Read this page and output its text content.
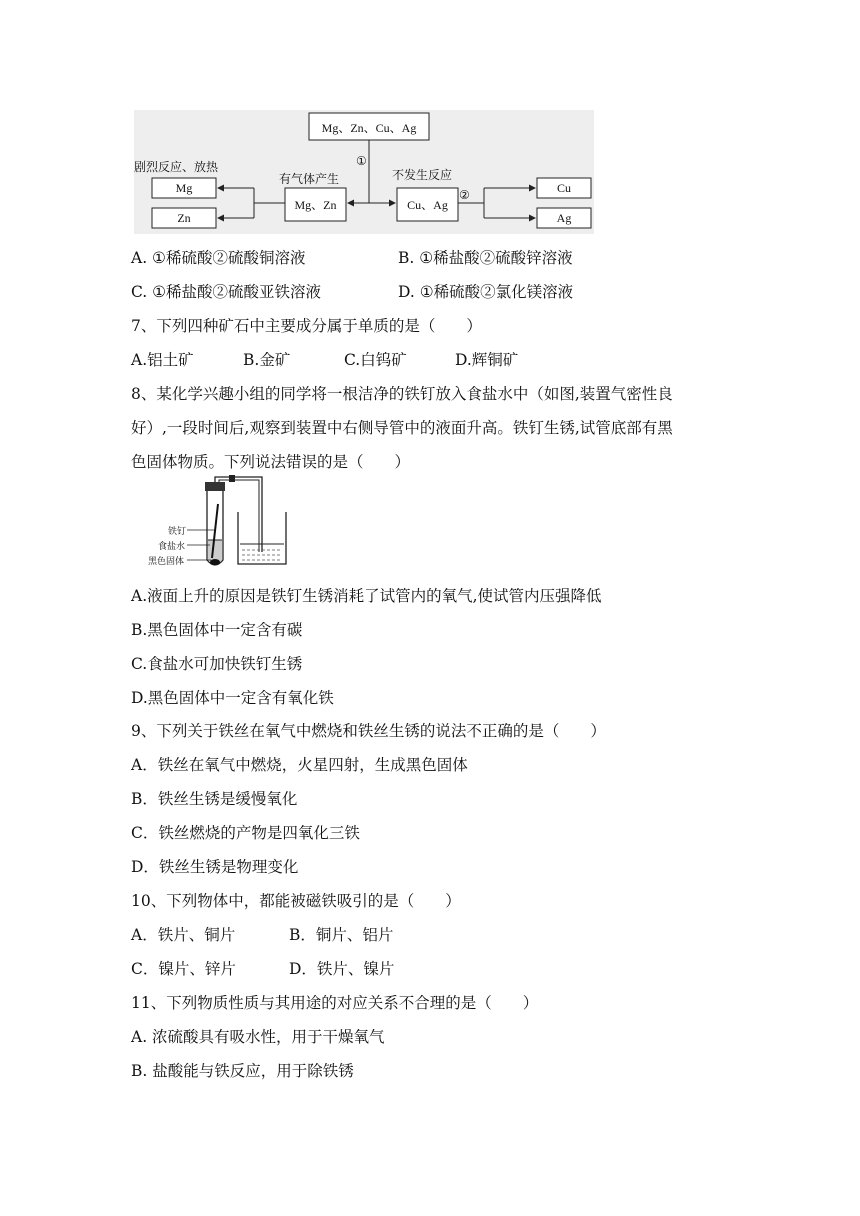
Mg、Zn、Cu、Ag
Mg、Zn	Cu、Ag
Mg
Zn
Cu
Ag
①
②
剧烈反应、放热
有气体产生	不发生反应
A. ①稀硫酸②硫酸铜溶液	B. ①稀盐酸②硫酸锌溶液
C. ①稀盐酸②硫酸亚铁溶液	D. ①稀硫酸②氯化镁溶液
7、下列四种矿石中主要成分属于单质的是（　　）
A.铝土矿	B.金矿	C.白钨矿	D.辉铜矿
8、某化学兴趣小组的同学将一根洁净的铁钉放入食盐水中（如图,装置气密性良
好）,一段时间后,观察到装置中右侧导管中的液面升高。铁钉生锈,试管底部有黑
色固体物质。下列说法错误的是（　　）
铁钉
食盐水
黑色固体
A.液面上升的原因是铁钉生锈消耗了试管内的氧气,使试管内压强降低
B.黑色固体中一定含有碳
C.食盐水可加快铁钉生锈
D.黑色固体中一定含有氧化铁
9、下列关于铁丝在氧气中燃烧和铁丝生锈的说法不正确的是（　　）
A．铁丝在氧气中燃烧，火星四射，生成黑色固体
B．铁丝生锈是缓慢氧化
C．铁丝燃烧的产物是四氧化三铁
D．铁丝生锈是物理变化
10、下列物体中，都能被磁铁吸引的是（　　）
A．铁片、铜片	B．铜片、铝片
C．镍片、锌片	D．铁片、镍片
11、下列物质性质与其用途的对应关系不合理的是（　　）
A. 浓硫酸具有吸水性，用于干燥氧气
B. 盐酸能与铁反应，用于除铁锈
